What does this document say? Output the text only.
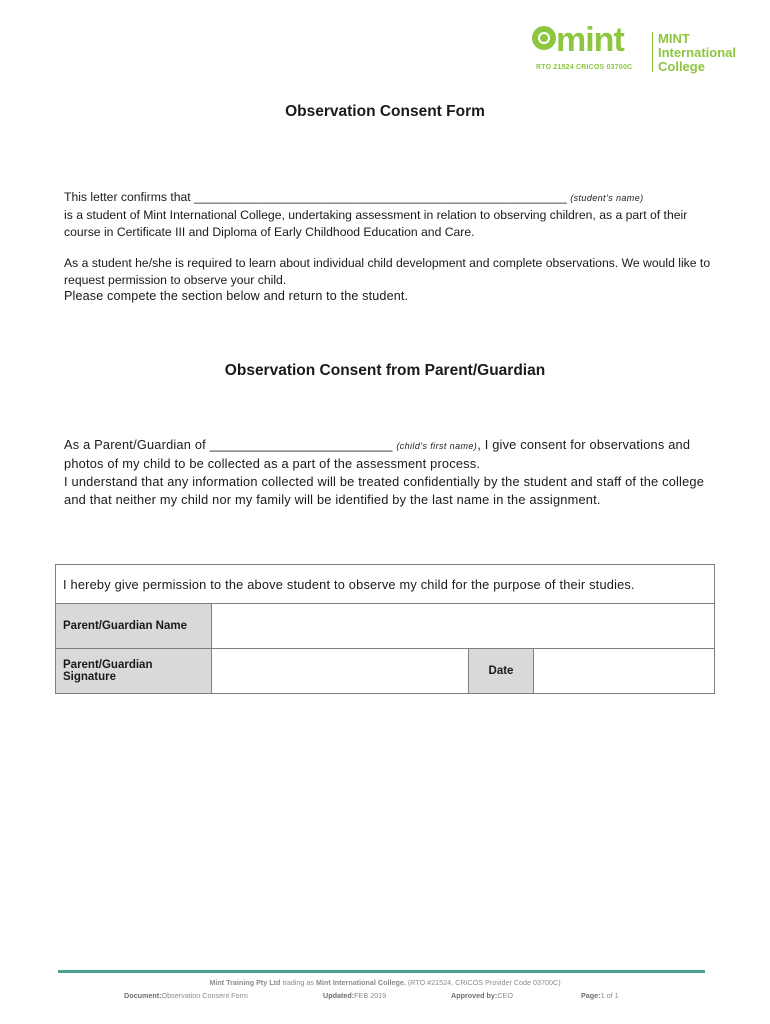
mint
RTO 21524 CRICOS 03700C
MINT
International
College
Observation Consent Form

This letter confirms that _______________________________________________________ (student’s name)
is a student of Mint International College, undertaking assessment in relation to observing children, as a part of their course in Certificate III and Diploma of Early Childhood Education and Care.

As a student he/she is required to learn about individual child development and complete observations. We would like to request permission to observe your child.

Please compete the section below and return to the student.

Observation Consent from Parent/Guardian

As a Parent/Guardian of _________________________ (child’s first name), I give consent for observations and photos of my child to be collected as a part of the assessment process.
I understand that any information collected will be treated confidentially by the student and staff of the college and that neither my child nor my family will be identified by the last name in the assignment.

I hereby give permission to the above student to observe my child for the purpose of their studies.			
Parent/Guardian Name			
Parent/Guardian Signature		Date	
Mint Training Pty Ltd trading as Mint International College. (RTO #21524, CRICOS Provider Code 03700C)
Document: Observation Consent Form	Updated: FEB 2019	Approved by: CEO	Page: 1 of 1
